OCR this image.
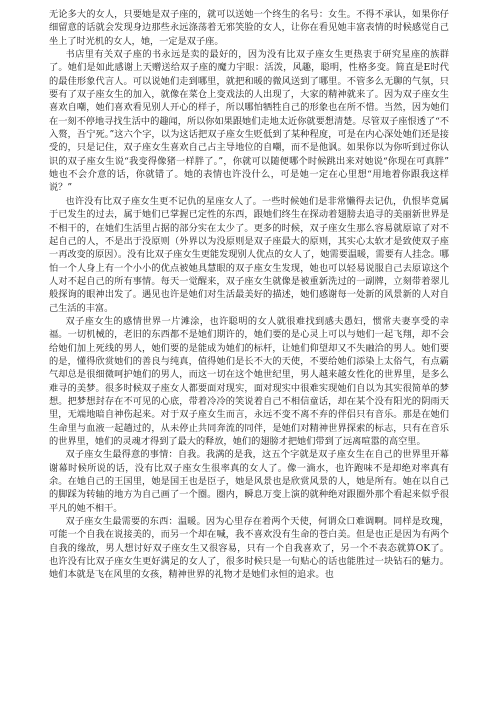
无论多大的女人，只要她是双子座的，就可以送她一个终生的名号：女生。不得不承认，如果你仔细留意的话就会发现身边那些永远涤荡着无邪笑脸的女人，让你在看见她丰富表情的时候感觉自己坐上了时光机的女人，她，一定是双子座。

书店里有关双子座的书永远是卖的最好的，因为没有比双子座女生更热衷于研究星座的族群了。她们是如此感谢上天赠送给双子座的魔力宇眼：活泼，风趣，聪明，性格多变。简直是E时代的最佳形象代言人。可以说她们走到哪里，就把和暖的微风送到了哪里。不管多么无聊的气氛，只要有了双子座女生的加入，就像在菜仓上变戏法的人出现了，大家的精神就来了。因为双子座女生喜欢自嘲，她们喜欢看见别人开心的样子，所以哪怕牺牲自己的形象也在所不惜。当然，因为她们在一刻不停地寻找生活中的趣闻，所以你如果跟她们走地太近你就要想清楚。尽管双子座恨透了“不入赘，吾宁死。”这六个字，以为这话把双子座女生贬低到了某种程度，可是在内心深处她们还是接受的，只是记住，双子座女生喜欢自己占主导地位的自嘲，而不是他讽。如果你以为你听到过你认识的双子座女生说“我变得像猪一样胖了。”，你就可以随便哪个时候跳出来对她说“你现在可真胖” 她也不会介意的话，你就错了。她的表情也许没什么，可是她一定在心里想“用地着你跟我这样说？”

也许没有比双子座女生更不记仇的星座女人了。一些时候她们是非常懒得去记仇，仇恨毕竟属于已发生的过去，属于她们已掌握已定性的东西，跟她们终生在探动着翅膀去追寻的美丽新世界是不相干的，在她们生活里占据的部分实在太少了。更多的时候，双子座女生那么容易就原谅了对不起自己的人，不是出于没原则（外界以为没原则是双子座最大的原则，其实心太软才是致使双子座一再改变的原因）。没有比双子座女生更能发现别人优点的女人了，她需要温暖，需要有人挂念。哪怕一个人身上有一个小小的优点被她具慧眼的双子座女生发现，她也可以轻易说服自己去原谅这个人对不起自己的所有事情。每天一觉醒来，双子座女生就像是被重新洗过的一副牌，立刻带着翠儿般探询的眼神出发了。遇见也许是她们对生活最美好的描述，她们感谢每一处新的风景新的人对自己生活的丰富。

双子座女生的感情世界一片滩涂，也许聪明的女人就很难找到感夫愚妇，惯常夫妻享受的幸福。一切机械的，老旧的东西都不是她们期许的，她们要的是心灵上可以与她们一起飞翔，却不会给她们加上死线的男人，她们要的是能成为她们的标杆，让她们仰望却又不失融洽的男人。她们要的是，懂得欣赏她们的善良与纯真，值得她们是长不大的天使，不要给她们添染上太俗气，有点霸气却总是很细微呵护她们的男人，而这一切在这个她世纪里，男人越来越女性化的世界里，是多么难寻的美梦。很多时候双子座女人都要面对现实，面对现实中很难实现她们自以为其实很简单的梦想。把梦想封存在不可见的心底，带着冷冷的笑说着自己不相信童话，却在某个没有阳光的阴雨天里，无端地暗自神伤起来。对于双子座女生而言，永远不变不离不弃的伴侣只有音乐。那是在她们生命里与血液一起趟过的，从未停止共同奔流的同伴，是她们对精神世界探索的标志，只有在音乐的世界里，她们的灵魂才得到了最大的释放，她们的翅膀才把她们带到了远离喧嚣的高空里。

双子座女生最得意的事情：自我。我满的是我，这五个字就是双子座女生在自己的世界里开幕谢幕时候所说的话，没有比双子座女生很率真的女人了。像一滴水，也许跑味不是却绝对率真有余。在她自己的王国里，她是国王也是臣子，她是风景也是欣赏风景的人，她是所有。她在以自己的脚踩为转轴的地方为自己画了一个圈。圈内，瞬息万变上演的就种绝对跟圈外那个看起来似乎很平凡的她不相干。

双子座女生最需要的东西：温暖。因为心里存在着两个天使，何谓众口难调啊。同样是玫瑰，可能一个自我在说接美的，而另一个却在喊，我不喜欢没有生命的苍白美。但是也正是因为有两个自我的缘故，男人想讨好双子座女生又很容易，只有一个自我喜欢了，另一个不表态就算OK了。也许没有比双子座女生更好满足的女人了，很多时候只是一句贴心的话也能胜过一块钻石的魅力。她们本就是飞在风里的女孩，精神世界的礼物才是她们永恒的追求。也
